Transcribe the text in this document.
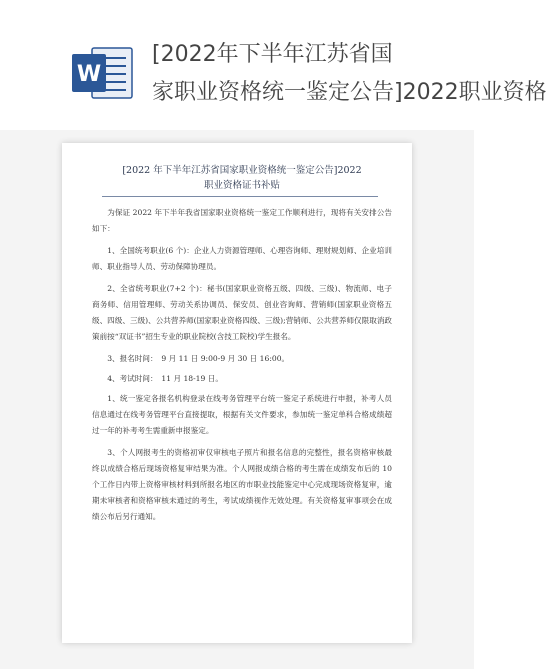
W
[2022年下半年江苏省国
家职业资格统一鉴定公告]2022职业资格
[2022 年下半年江苏省国家职业资格统一鉴定公告]2022
职业资格证书补贴

为保证 2022 年下半年我省国家职业资格统一鉴定工作顺利进行，现将有关安排公告如下：

1、全国统考职业(6 个)：企业人力资源管理师、心理咨询师、理财规划师、企业培训师、职业指导人员、劳动保障协理员。

2、全省统考职业(7+2 个)：秘书(国家职业资格五级、四级、三级)、物流师、电子商务师、信用管理师、劳动关系协调员、保安员、创业咨询师、营销师(国家职业资格五级、四级、三级)、公共营养师(国家职业资格四级、三级);营销师、公共营养师仅限取消政策前按“双证书”招生专业的职业院校(含技工院校)学生报名。

3、报名时间：　9 月 11 日 9:00-9 月 30 日 16:00。

4、考试时间：　11 月 18-19 日。

1、统一鉴定各报名机构登录在线考务管理平台统一鉴定子系统进行申报，补考人员信息通过在线考务管理平台直接提取，根据有关文件要求，参加统一鉴定单科合格成绩超过一年的补考考生需重新申报鉴定。

3、个人网报考生的资格初审仅审核电子照片和报名信息的完整性，报名资格审核最终以成绩合格后现场资格复审结果为准。个人网报成绩合格的考生需在成绩发布后的 10 个工作日内带上资格审核材料到所报名地区的市职业技能鉴定中心完成现场资格复审，逾期未审核者和资格审核未通过的考生，考试成绩视作无效处理。有关资格复审事项会在成绩公布后另行通知。
